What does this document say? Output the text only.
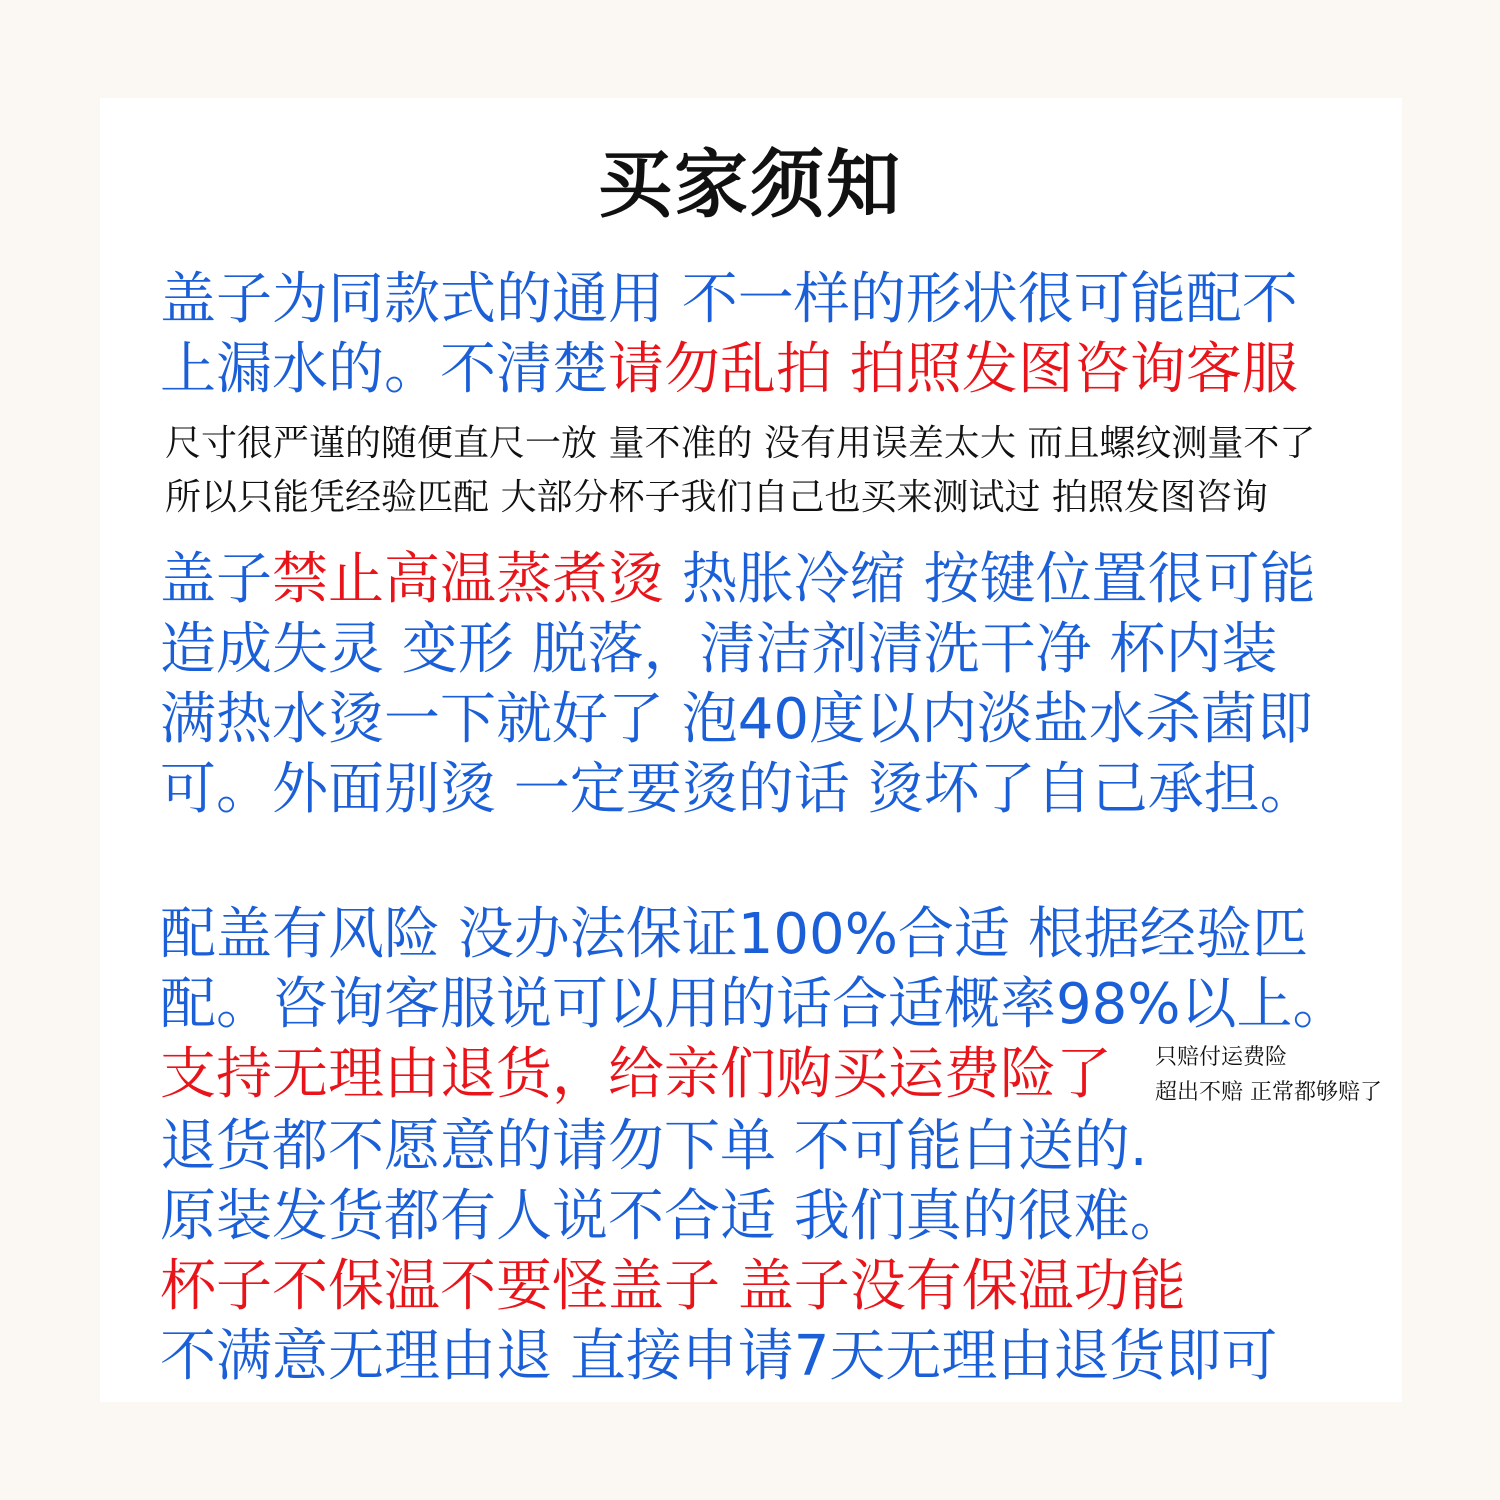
买家须知
盖子为同款式的通用 不一样的形状很可能配不
上漏水的。不清楚请勿乱拍 拍照发图咨询客服
尺寸很严谨的随便直尺一放 量不准的 没有用误差太大 而且螺纹测量不了
所以只能凭经验匹配 大部分杯子我们自己也买来测试过 拍照发图咨询
盖子禁止高温蒸煮烫 热胀冷缩 按键位置很可能
造成失灵 变形 脱落，清洁剂清洗干净 杯内装
满热水烫一下就好了 泡40度以内淡盐水杀菌即
可。外面别烫 一定要烫的话 烫坏了自己承担。
配盖有风险 没办法保证100%合适 根据经验匹
配。咨询客服说可以用的话合适概率98%以上。
支持无理由退货，给亲们购买运费险了 只赔付运费险
超出不赔 正常都够赔了
退货都不愿意的请勿下单 不可能白送的.
原装发货都有人说不合适 我们真的很难。
杯子不保温不要怪盖子 盖子没有保温功能
不满意无理由退 直接申请7天无理由退货即可
